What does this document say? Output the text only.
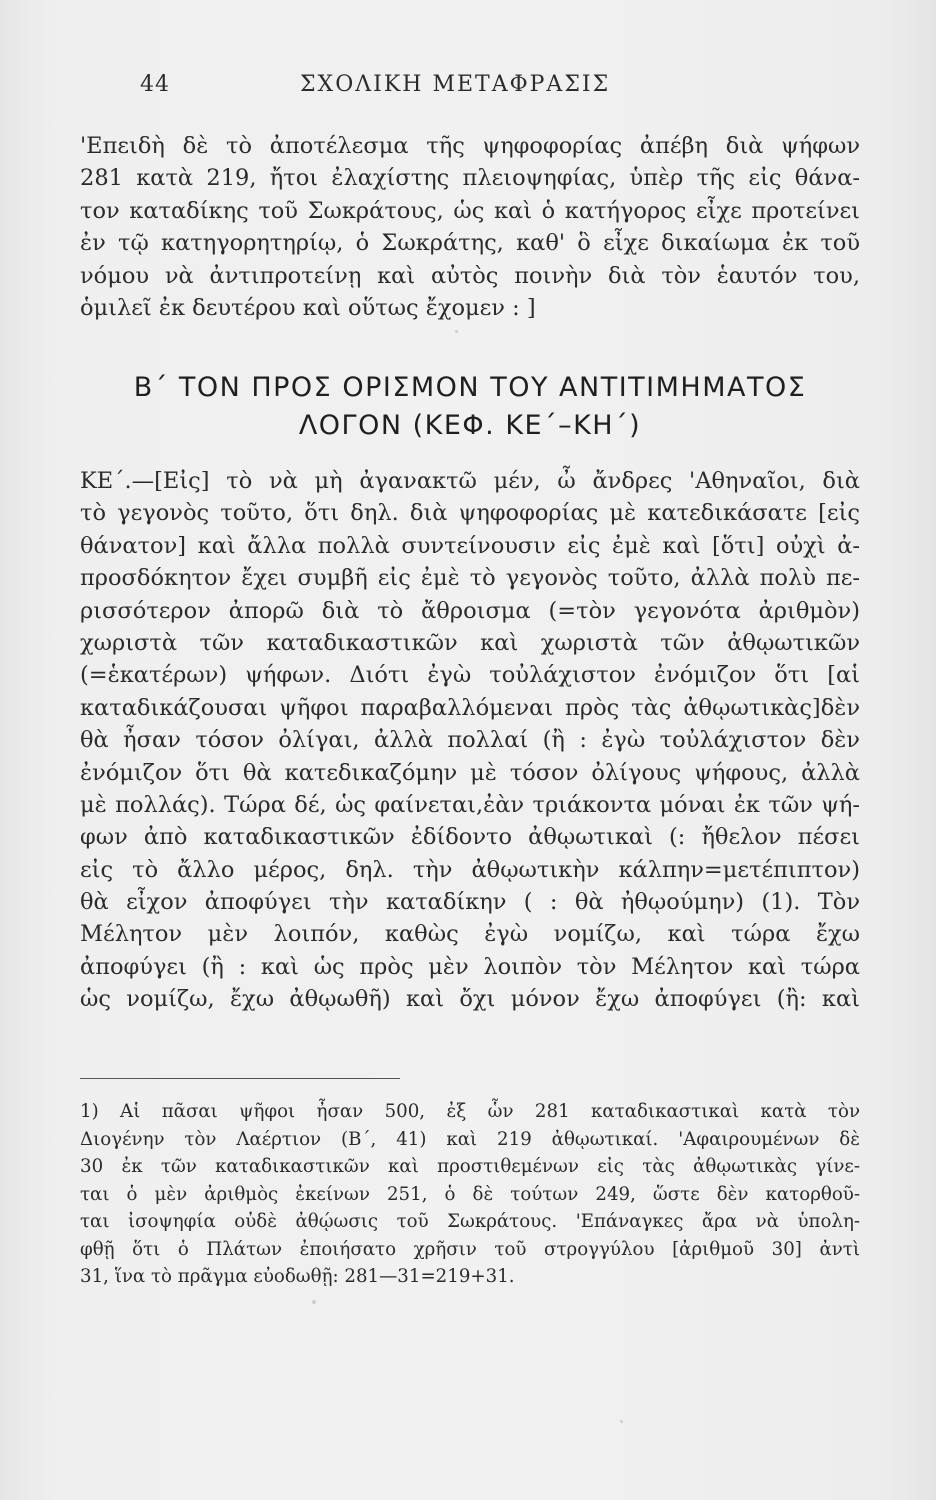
44	ΣΧΟΛΙΚΗ ΜΕΤΑΦΡΑΣΙΣ
'Επειδὴ δὲ τὸ ἀποτέλεσμα τῆς ψηφοφορίας ἀπέβη διὰ ψήφων
281 κατὰ 219, ἤτοι ἐλαχίστης πλειοψηφίας, ὑπὲρ τῆς εἰς θάνα-
τον καταδίκης τοῦ Σωκράτους, ὡς καὶ ὁ κατήγορος εἶχε προτείνει
ἐν τῷ κατηγορητηρίῳ, ὁ Σωκράτης, καθ' ὃ εἶχε δικαίωμα ἐκ τοῦ
νόμου νὰ ἀντιπροτείνῃ καὶ αὐτὸς ποινὴν διὰ τὸν ἑαυτόν του,
ὁμιλεῖ ἐκ δευτέρου καὶ οὕτως ἔχομεν : ]
Β΄ ΤΟΝ ΠΡΟΣ ΟΡΙΣΜΟΝ ΤΟΥ ΑΝΤΙΤΙΜΗΜΑΤΟΣ
ΛΟΓΟΝ (ΚΕΦ. ΚΕ΄–ΚΗ΄)
ΚΕ΄.—[Εἰς] τὸ νὰ μὴ ἀγανακτῶ μέν, ὦ ἄνδρες 'Αθηναῖοι, διὰ
τὸ γεγονὸς τοῦτο, ὅτι δηλ. διὰ ψηφοφορίας μὲ κατεδικάσατε [εἰς
θάνατον] καὶ ἄλλα πολλὰ συντείνουσιν εἰς ἐμὲ καὶ [ὅτι] οὐχὶ ἀ-
προσδόκητον ἔχει συμβῆ εἰς ἐμὲ τὸ γεγονὸς τοῦτο, ἀλλὰ πολὺ πε-
ρισσότερον ἀπορῶ διὰ τὸ ἄθροισμα (=τὸν γεγονότα ἀριθμὸν)
χωριστὰ τῶν καταδικαστικῶν καὶ χωριστὰ τῶν ἀθῳωτικῶν
(=ἑκατέρων) ψήφων. Διότι ἐγὼ τοὐλάχιστον ἐνόμιζον ὅτι [αἱ
καταδικάζουσαι ψῆφοι παραβαλλόμεναι πρὸς τὰς ἀθῳωτικὰς]δὲν
θὰ ἦσαν τόσον ὀλίγαι, ἀλλὰ πολλαί (ἢ : ἐγὼ τοὐλάχιστον δὲν
ἐνόμιζον ὅτι θὰ κατεδικαζόμην μὲ τόσον ὀλίγους ψήφους, ἀλλὰ
μὲ πολλάς). Τώρα δέ, ὡς φαίνεται,ἐὰν τριάκοντα μόναι ἐκ τῶν ψή-
φων ἀπὸ καταδικαστικῶν ἐδίδοντο ἀθῳωτικαὶ (: ἤθελον πέσει
εἰς τὸ ἄλλο μέρος, δηλ. τὴν ἀθῳωτικὴν κάλπην=μετέπιπτον)
θὰ εἶχον ἀποφύγει τὴν καταδίκην ( : θὰ ἠθῳούμην) (1). Τὸν
Μέλητον μὲν λοιπόν, καθὼς ἐγὼ νομίζω, καὶ τώρα ἔχω
ἀποφύγει (ἢ : καὶ ὡς πρὸς μὲν λοιπὸν τὸν Μέλητον καὶ τώρα
ὡς νομίζω, ἔχω ἀθῳωθῆ) καὶ ὄχι μόνον ἔχω ἀποφύγει (ἢ: καὶ
1) Αἱ πᾶσαι ψῆφοι ἦσαν 500, ἐξ ὧν 281 καταδικαστικαὶ κατὰ τὸν
Διογένην τὸν Λαέρτιον (Β΄, 41) καὶ 219 ἀθῳωτικαί. 'Αφαιρουμένων δὲ
30 ἐκ τῶν καταδικαστικῶν καὶ προστιθεμένων εἰς τὰς ἀθῳωτικὰς γίνε-
ται ὁ μὲν ἀριθμὸς ἐκείνων 251, ὁ δὲ τούτων 249, ὥστε δὲν κατορθοῦ-
ται ἰσοψηφία οὐδὲ ἀθῴωσις τοῦ Σωκράτους. 'Επάναγκες ἄρα νὰ ὑπολη-
φθῇ ὅτι ὁ Πλάτων ἐποιήσατο χρῆσιν τοῦ στρογγύλου [ἀριθμοῦ 30] ἀντὶ
31, ἵνα τὸ πρᾶγμα εὐοδωθῇ: 281—31=219+31.
